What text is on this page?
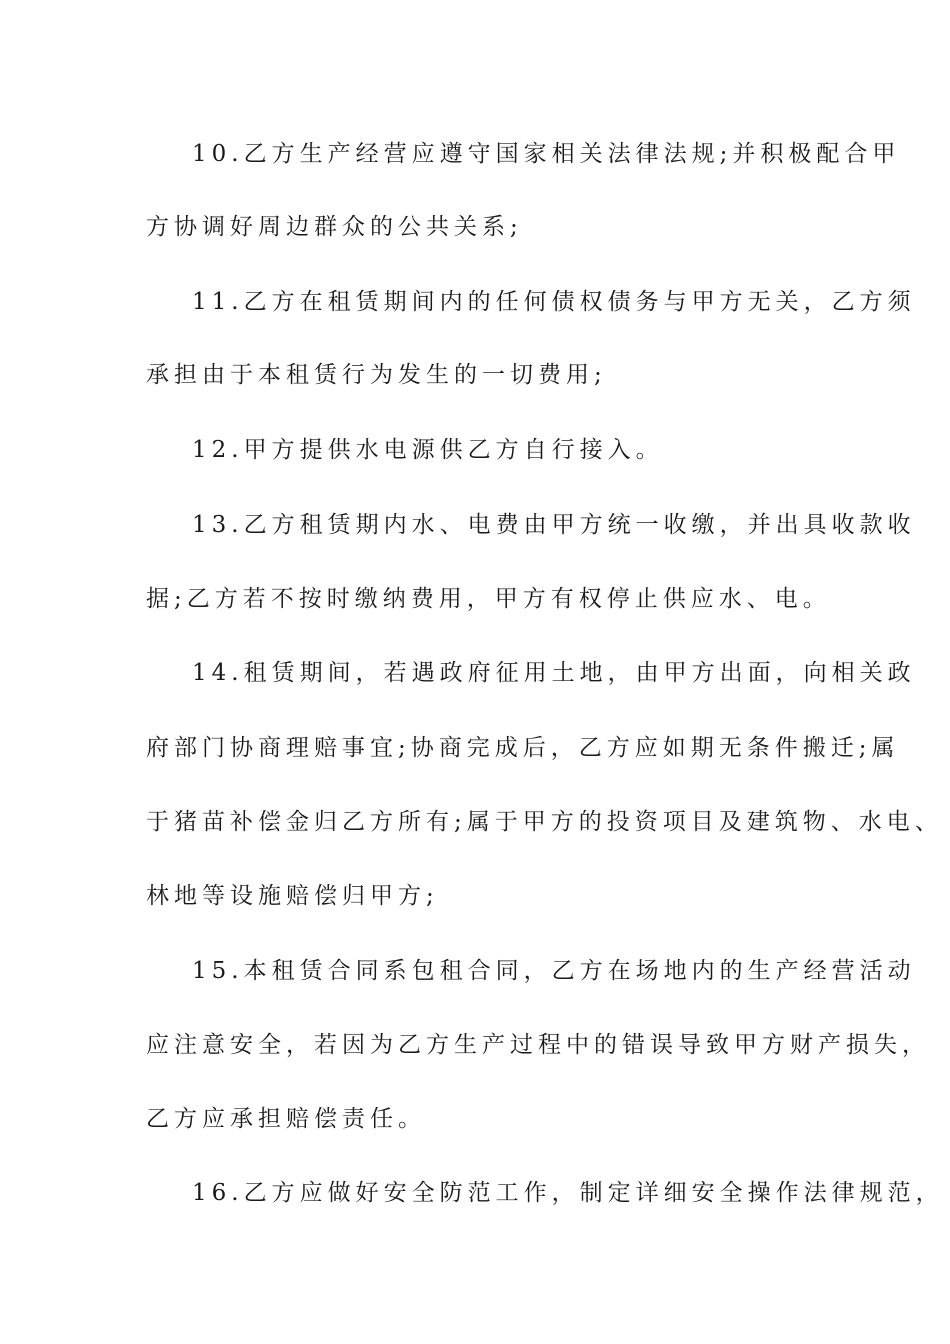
10.乙方生产经营应遵守国家相关法律法规;并积极配合甲
方协调好周边群众的公共关系;
11.乙方在租赁期间内的任何债权债务与甲方无关，乙方须
承担由于本租赁行为发生的一切费用;
12.甲方提供水电源供乙方自行接入。
13.乙方租赁期内水、电费由甲方统一收缴，并出具收款收
据;乙方若不按时缴纳费用，甲方有权停止供应水、电。
14.租赁期间，若遇政府征用土地，由甲方出面，向相关政
府部门协商理赔事宜;协商完成后，乙方应如期无条件搬迁;属
于猪苗补偿金归乙方所有;属于甲方的投资项目及建筑物、水电、
林地等设施赔偿归甲方;
15.本租赁合同系包租合同，乙方在场地内的生产经营活动
应注意安全，若因为乙方生产过程中的错误导致甲方财产损失，
乙方应承担赔偿责任。
16.乙方应做好安全防范工作，制定详细安全操作法律规范，
